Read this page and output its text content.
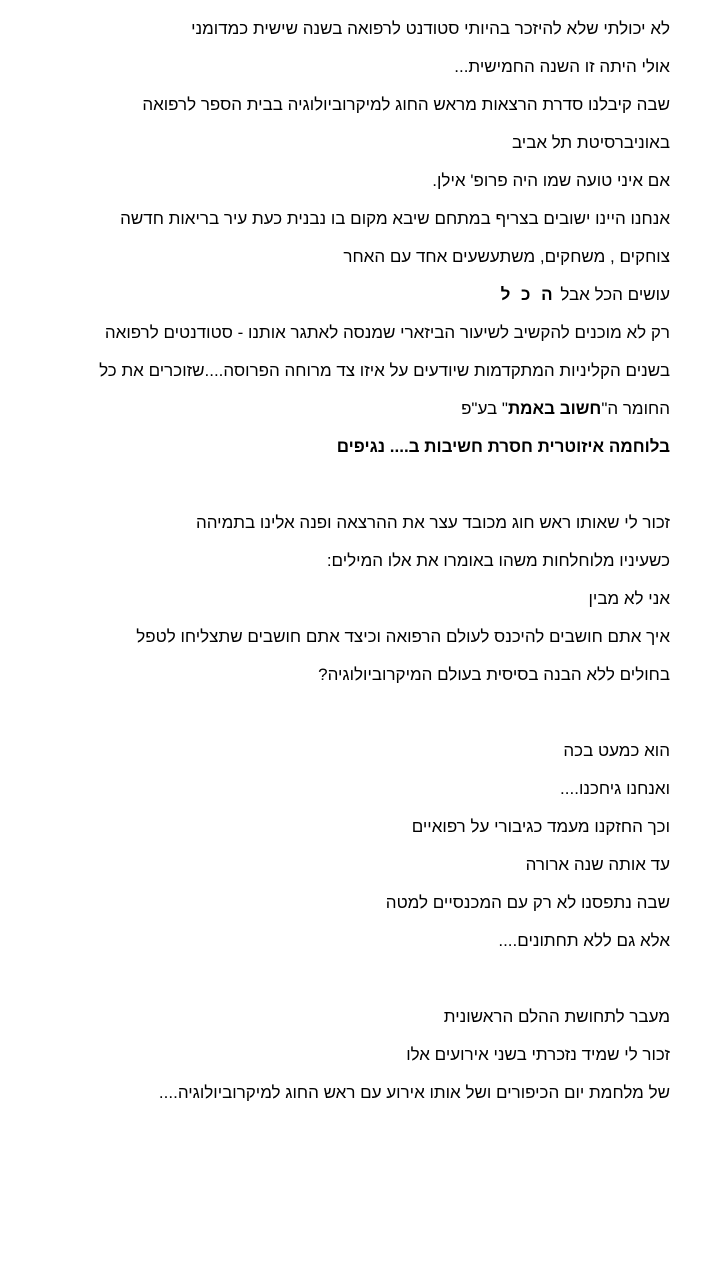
לא יכולתי שלא להיזכר בהיותי סטודנט לרפואה בשנה שישית כמדומני

אולי היתה זו השנה החמישית...

שבה קיבלנו סדרת הרצאות מראש החוג למיקרוביולוגיה בבית הספר לרפואה

באוניברסיטת תל אביב

אם איני טועה שמו היה פרופ' אילן.

אנחנו היינו ישובים בצריף במתחם שיבא מקום בו נבנית כעת עיר בריאות חדשה

צוחקים , משחקים, משתעשעים אחד עם האחר

עושים הכל אבל ה כ ל

רק לא מוכנים להקשיב לשיעור הביזארי שמנסה לאתגר אותנו - סטודנטים לרפואה

בשנים הקליניות המתקדמות שיודעים על איזו צד מרוחה הפרוסה....שזוכרים את כל

החומר ה"חשוב באמת" בע"פ

בלוחמה איזוטרית חסרת חשיבות ב.... נגיפים

זכור לי שאותו ראש חוג מכובד עצר את ההרצאה ופנה אלינו בתמיהה

כשעיניו מלוחלחות משהו באומרו את אלו המילים:

אני לא מבין

איך אתם חושבים להיכנס לעולם הרפואה וכיצד אתם חושבים שתצליחו לטפל

בחולים ללא הבנה בסיסית בעולם המיקרוביולוגיה?

הוא כמעט בכה

ואנחנו גיחכנו....

וכך החזקנו מעמד כגיבורי על רפואיים

עד אותה שנה ארורה

שבה נתפסנו לא רק עם המכנסיים למטה

אלא גם ללא תחתונים....

מעבר לתחושת ההלם הראשונית

זכור לי שמיד נזכרתי בשני אירועים אלו

של מלחמת יום הכיפורים ושל אותו אירוע עם ראש החוג למיקרוביולוגיה....
